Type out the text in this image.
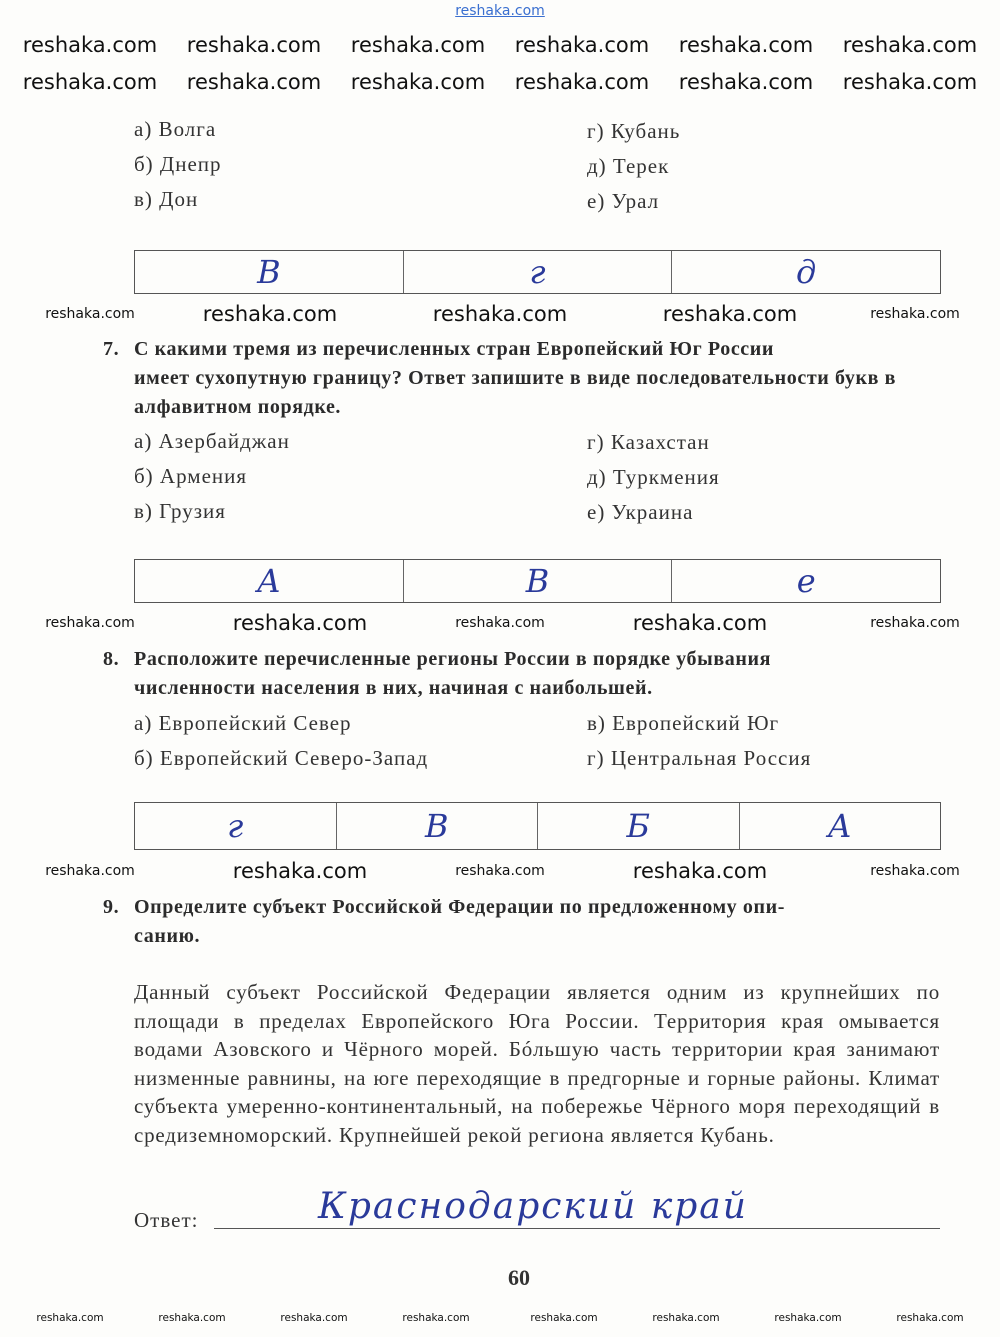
reshaka.com
а) Волга
б) Днепр
в) Дон
г) Кубань
д) Терек
е) Урал
В	г	д
7. С какими тремя из перечисленных стран Европейский Юг России
имеет сухопутную границу? Ответ запишите в виде последовательности букв в алфавитном порядке.
а) Азербайджан
б) Армения
в) Грузия
г) Казахстан
д) Туркмения
е) Украина
А	В	е
8. Расположите перечисленные регионы России в порядке убывания
численности населения в них, начиная с наибольшей.
а) Европейский Север
б) Европейский Северо-Запад
в) Европейский Юг
г) Центральная Россия
г	В	Б	А
9. Определите субъект Российской Федерации по предложенному опи-
санию.
Данный субъект Российской Федерации является одним из крупнейших по площади в пределах Европейского Юга России. Территория края омывается водами Азовского и Чёрного морей. Бóльшую часть территории края занимают низменные равнины, на юге переходящие в предгорные и горные районы. Климат субъекта умеренно-континентальный, на побережье Чёрного моря переходящий в средиземноморский. Крупнейшей рекой региона является Кубань.
Ответ:	Краснодарский край
60
reshaka.com reshaka.com reshaka.com reshaka.com reshaka.com reshaka.com
reshaka.com reshaka.com reshaka.com reshaka.com reshaka.com reshaka.com
reshaka.com	reshaka.com	reshaka.com
reshaka.com	reshaka.com
reshaka.com	reshaka.com
reshaka.com	reshaka.com
reshaka.com	reshaka.com	reshaka.com
reshaka.com	reshaka.com	reshaka.com
reshaka.com	reshaka.com	reshaka.com	reshaka.com	reshaka.com	reshaka.com	reshaka.com	reshaka.com
